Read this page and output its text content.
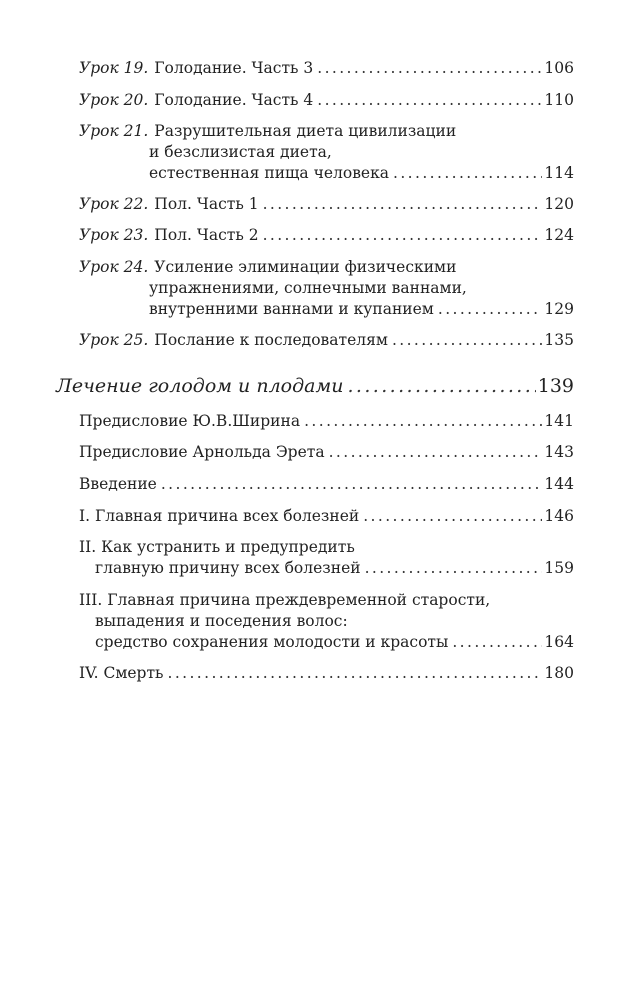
Урок 19. Голодание. Часть 3 .....	106
Урок 20. Голодание. Часть 4 .....	110
Урок 21. Разрушительная диета цивилизации
и безслизистая диета,
естественная пища человека .....	114
Урок 22. Пол. Часть 1 .....	120
Урок 23. Пол. Часть 2 .....	124
Урок 24. Усиление элиминации физическими
упражнениями, солнечными ваннами,
внутренними ваннами и купанием .....	129
Урок 25. Послание к последователям .....	135
Лечение голодом и плодами .....	139
Предисловие Ю.В.Ширина .....	141
Предисловие Арнольда Эрета .....	143
Введение .....	144
I. Главная причина всех болезней .....	146
II. Как устранить и предупредить
главную причину всех болезней .....	159
III. Главная причина преждевременной старости,
выпадения и поседения волос:
средство сохранения молодости и красоты .....	164
IV. Смерть .....	180
